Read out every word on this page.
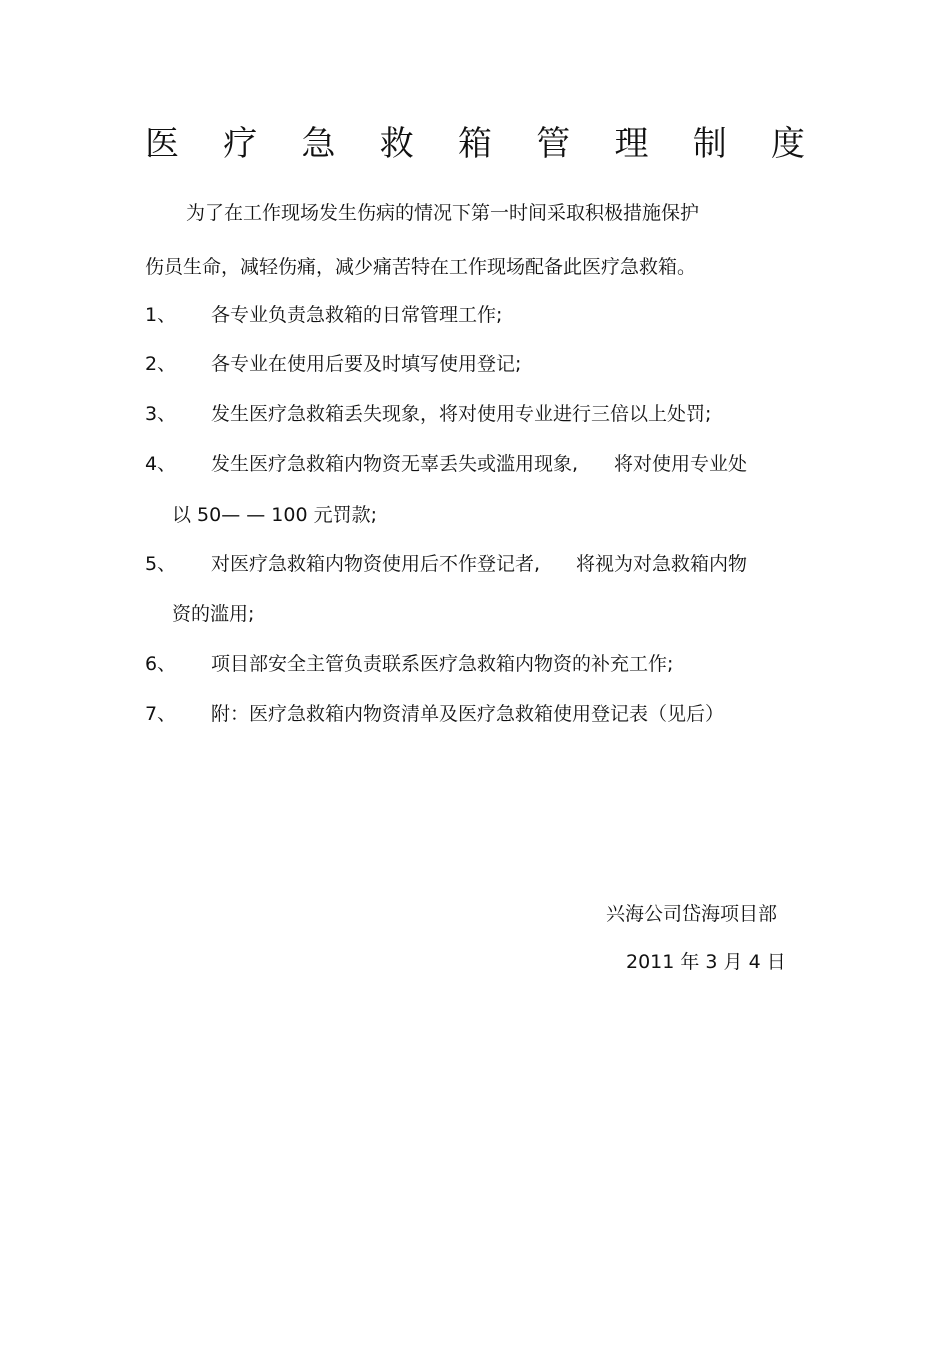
医 疗 急 救 箱 管 理 制 度
为了在工作现场发生伤病的情况下第一时间采取积极措施保护
伤员生命，减轻伤痛，减少痛苦特在工作现场配备此医疗急救箱。
1、	各专业负责急救箱的日常管理工作;
2、	各专业在使用后要及时填写使用登记;
3、	发生医疗急救箱丢失现象，将对使用专业进行三倍以上处罚;
4、	发生医疗急救箱内物资无辜丢失或滥用现象, 将对使用专业处
以 50— — 100 元罚款;
5、	对医疗急救箱内物资使用后不作登记者, 将视为对急救箱内物
资的滥用;
6、	项目部安全主管负责联系医疗急救箱内物资的补充工作;
7、	附：医疗急救箱内物资清单及医疗急救箱使用登记表（见后）
兴海公司岱海项目部
2011 年 3 月 4 日
